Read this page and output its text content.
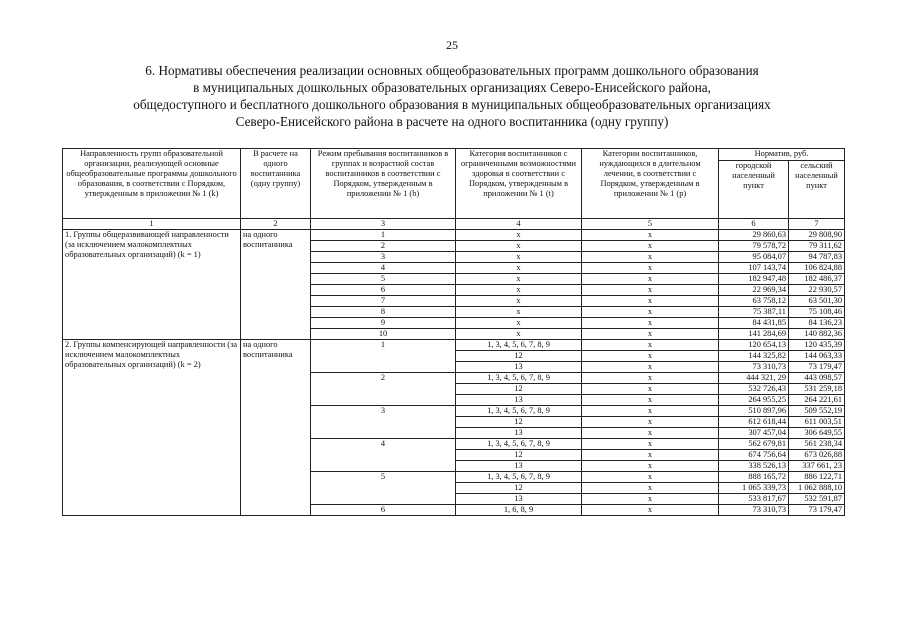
25
6. Нормативы обеспечения реализации основных общеобразовательных программ дошкольного образования
в муниципальных дошкольных образовательных организациях Северо-Енисейского района,
общедоступного и бесплатного дошкольного образования в муниципальных общеобразовательных организациях
Северо-Енисейского района в расчете на одного воспитанника (одну группу)
Направленность групп образовательной организации, реализующей основные общеобразовательные программы дошкольного образования, в соответствии с Порядком, утвержденным в приложении № 1 (k)	В расчете на одного воспитанника (одну группу)	Режим пребывания воспитанников в группах и возрастной состав воспитанников в соответствии с Порядком, утвержденным в приложении № 1 (b)	Категория воспитанников с ограниченными возможностями здоровья в соответствии с Порядком, утвержденным в приложении № 1 (t)	Категории воспитанников, нуждающихся в длительном лечении, в соответствии с Порядком, утвержденным в приложении № 1 (p)	Норматив, руб.	
					городской населенный пункт	сельский населенный пункт
1	2	3	4	5	6	7
1. Группы общеразвивающей направленности (за исключением малокомплектных образовательных организаций) (k = 1)	на одного воспитанника	1	x	x	29 860,63	29 808,90
		2	x	x	79 578,72	79 311,62
		3	x	x	95 084,07	94 787,83
		4	x	x	107 143,74	106 824,88
		5	x	x	182 947,48	182 486,37
		6	x	x	22 969,34	22 930,57
		7	x	x	63 758,12	63 501,30
		8	x	x	75 387,11	75 108,46
		9	x	x	84 431,85	84 136,23
		10	x	x	141 284,69	140 882,36
2. Группы компенсирующей направленности (за исключением малокомплектных образовательных организаций) (k = 2)	на одного воспитанника	1	1, 3, 4, 5, 6, 7, 8, 9	x	120 654,13	120 435,39
			12	x	144 325,82	144 063,33
			13	x	73 310,73	73 179,47
		2	1, 3, 4, 5, 6, 7, 8, 9	x	444 321, 29	443 098,57
			12	x	532 726,43	531 259,18
			13	x	264 955,25	264 221,61
		3	1, 3, 4, 5, 6, 7, 8, 9	x	510 897,96	509 552,19
			12	x	612 618,44	611 003,51
			13	x	307 457,04	306 649,55
		4	1, 3, 4, 5, 6, 7, 8, 9	x	562 679,81	561 238,34
			12	x	674 756,64	673 026,88
			13	x	338 526,13	337 661, 23
		5	1, 3, 4, 5, 6, 7, 8, 9	x	888 165,72	886 122,71
			12	x	1 065 339,73	1 062 888,10
			13	x	533 817,67	532 591,87
		6	1, 6, 8, 9	x	73 310,73	73 179,47
